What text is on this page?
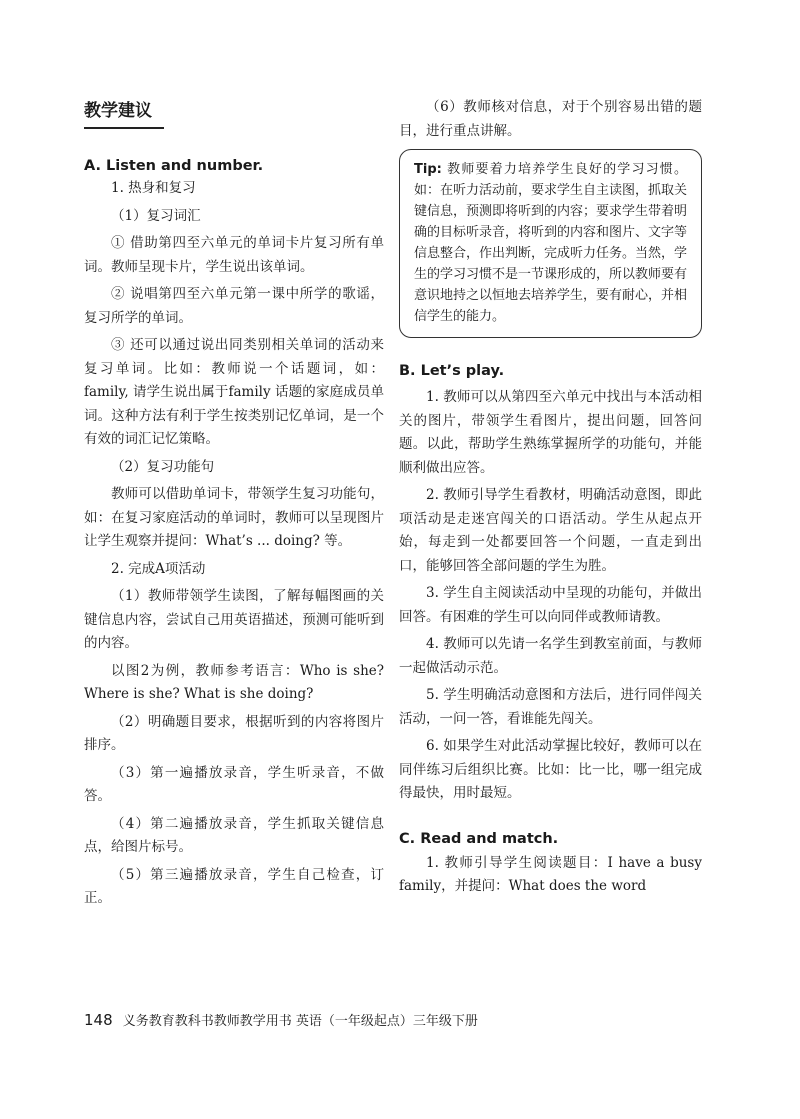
教学建议
A. Listen and number.

1. 热身和复习

（1）复习词汇

① 借助第四至六单元的单词卡片复习所有单词。教师呈现卡片，学生说出该单词。

② 说唱第四至六单元第一课中所学的歌谣，复习所学的单词。

③ 还可以通过说出同类别相关单词的活动来复习单词。比如：教师说一个话题词，如：family, 请学生说出属于family 话题的家庭成员单词。这种方法有利于学生按类别记忆单词，是一个有效的词汇记忆策略。

（2）复习功能句

教师可以借助单词卡，带领学生复习功能句，如：在复习家庭活动的单词时，教师可以呈现图片让学生观察并提问：What’s ... doing? 等。

2. 完成A项活动

（1）教师带领学生读图，了解每幅图画的关键信息内容，尝试自己用英语描述，预测可能听到的内容。

以图2为例，教师参考语言：Who is she? Where is she? What is she doing?

（2）明确题目要求，根据听到的内容将图片排序。

（3）第一遍播放录音，学生听录音，不做答。

（4）第二遍播放录音，学生抓取关键信息点，给图片标号。

（5）第三遍播放录音，学生自己检查，订正。

（6）教师核对信息，对于个别容易出错的题目，进行重点讲解。

Tip: 教师要着力培养学生良好的学习习惯。如：在听力活动前，要求学生自主读图，抓取关键信息，预测即将听到的内容；要求学生带着明确的目标听录音，将听到的内容和图片、文字等信息整合，作出判断，完成听力任务。当然，学生的学习习惯不是一节课形成的，所以教师要有意识地持之以恒地去培养学生，要有耐心，并相信学生的能力。

B. Let’s play.

1. 教师可以从第四至六单元中找出与本活动相关的图片，带领学生看图片，提出问题，回答问题。以此，帮助学生熟练掌握所学的功能句，并能顺利做出应答。

2. 教师引导学生看教材，明确活动意图，即此项活动是走迷宫闯关的口语活动。学生从起点开始，每走到一处都要回答一个问题，一直走到出口，能够回答全部问题的学生为胜。

3. 学生自主阅读活动中呈现的功能句，并做出回答。有困难的学生可以向同伴或教师请教。

4. 教师可以先请一名学生到教室前面，与教师一起做活动示范。

5. 学生明确活动意图和方法后，进行同伴闯关活动，一问一答，看谁能先闯关。

6. 如果学生对此活动掌握比较好，教师可以在同伴练习后组织比赛。比如：比一比，哪一组完成得最快，用时最短。

C. Read and match.

1. 教师引导学生阅读题目：I have a busy family，并提问：What does the word

148 义务教育教科书教师教学用书 英语（一年级起点）三年级下册
